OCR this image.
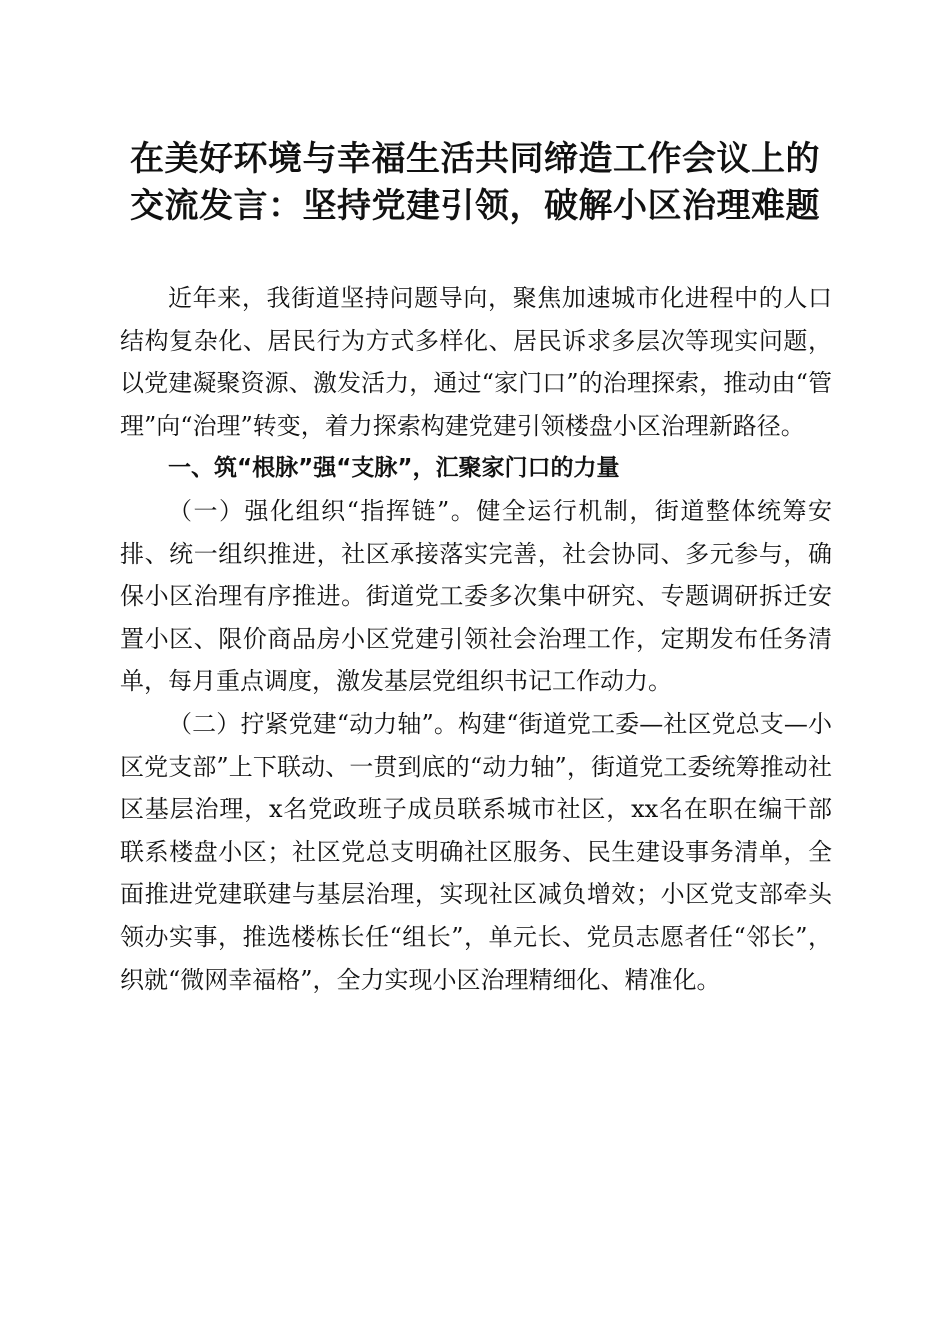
在美好环境与幸福生活共同缔造工作会议上的
交流发言：坚持党建引领，破解小区治理难题

近年来，我街道坚持问题导向，聚焦加速城市化进程中的人口结构复杂化、居民行为方式多样化、居民诉求多层次等现实问题，以党建凝聚资源、激发活力，通过“家门口”的治理探索，推动由“管理”向“治理”转变，着力探索构建党建引领楼盘小区治理新路径。

一、筑“根脉”强“支脉”，汇聚家门口的力量

（一）强化组织“指挥链”。健全运行机制，街道整体统筹安排、统一组织推进，社区承接落实完善，社会协同、多元参与，确保小区治理有序推进。街道党工委多次集中研究、专题调研拆迁安置小区、限价商品房小区党建引领社会治理工作，定期发布任务清单，每月重点调度，激发基层党组织书记工作动力。

（二）拧紧党建“动力轴”。构建“街道党工委—社区党总支—小区党支部”上下联动、一贯到底的“动力轴”，街道党工委统筹推动社区基层治理，x名党政班子成员联系城市社区，xx名在职在编干部联系楼盘小区；社区党总支明确社区服务、民生建设事务清单，全面推进党建联建与基层治理，实现社区减负增效；小区党支部牵头领办实事，推选楼栋长任“组长”，单元长、党员志愿者任“邻长”，织就“微网幸福格”，全力实现小区治理精细化、精准化。
